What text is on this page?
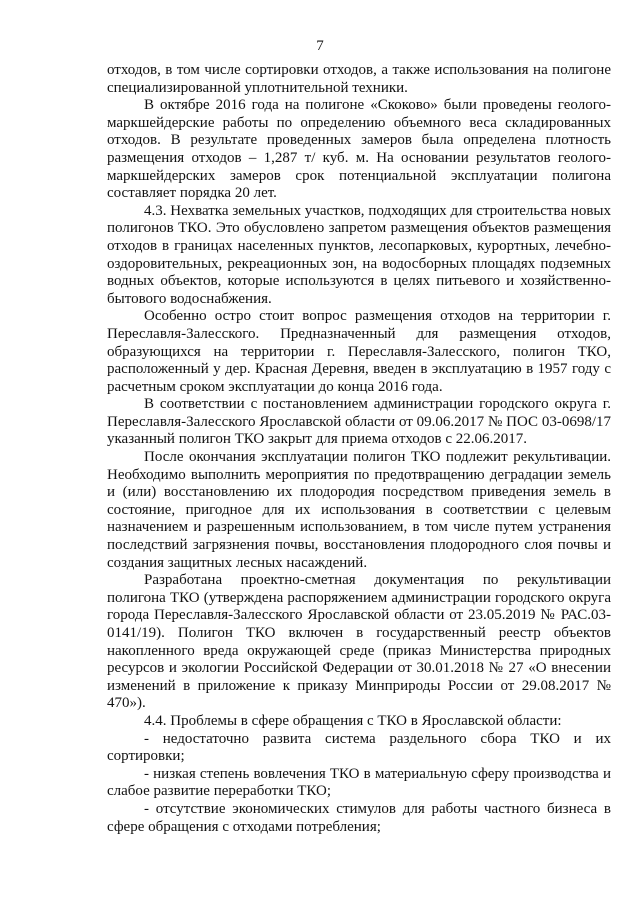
7

отходов, в том числе сортировки отходов, а также использования на полигоне специализированной уплотнительной техники.

В октябре 2016 года на полигоне «Скоково» были проведены геолого-маркшейдерские работы по определению объемного веса складированных отходов. В результате проведенных замеров была определена плотность размещения отходов – 1,287 т/ куб. м. На основании результатов геолого-маркшейдерских замеров срок потенциальной эксплуатации полигона составляет порядка 20 лет.

4.3. Нехватка земельных участков, подходящих для строительства новых полигонов ТКО. Это обусловлено запретом размещения объектов размещения отходов в границах населенных пунктов, лесопарковых, курортных, лечебно-оздоровительных, рекреационных зон, на водосборных площадях подземных водных объектов, которые используются в целях питьевого и хозяйственно-бытового водоснабжения.

Особенно остро стоит вопрос размещения отходов на территории г. Переславля-Залесского. Предназначенный для размещения отходов, образующихся на территории г. Переславля-Залесского, полигон ТКО, расположенный у дер. Красная Деревня, введен в эксплуатацию в 1957 году с расчетным сроком эксплуатации до конца 2016 года.

В соответствии с постановлением администрации городского округа г. Переславля-Залесского Ярославской области от 09.06.2017 № ПОС 03-0698/17 указанный полигон ТКО закрыт для приема отходов с 22.06.2017.

После окончания эксплуатации полигон ТКО подлежит рекультивации. Необходимо выполнить мероприятия по предотвращению деградации земель и (или) восстановлению их плодородия посредством приведения земель в состояние, пригодное для их использования в соответствии с целевым назначением и разрешенным использованием, в том числе путем устранения последствий загрязнения почвы, восстановления плодородного слоя почвы и создания защитных лесных насаждений.

Разработана проектно-сметная документация по рекультивации полигона ТКО (утверждена распоряжением администрации городского округа города Переславля-Залесского Ярославской области от 23.05.2019 № РАС.03-0141/19). Полигон ТКО включен в государственный реестр объектов накопленного вреда окружающей среде (приказ Министерства природных ресурсов и экологии Российской Федерации от 30.01.2018 № 27 «О внесении изменений в приложение к приказу Минприроды России от 29.08.2017 № 470»).

4.4. Проблемы в сфере обращения с ТКО в Ярославской области:

- недостаточно развита система раздельного сбора ТКО и их сортировки;

- низкая степень вовлечения ТКО в материальную сферу производства и слабое развитие переработки ТКО;

- отсутствие экономических стимулов для работы частного бизнеса в сфере обращения с отходами потребления;
